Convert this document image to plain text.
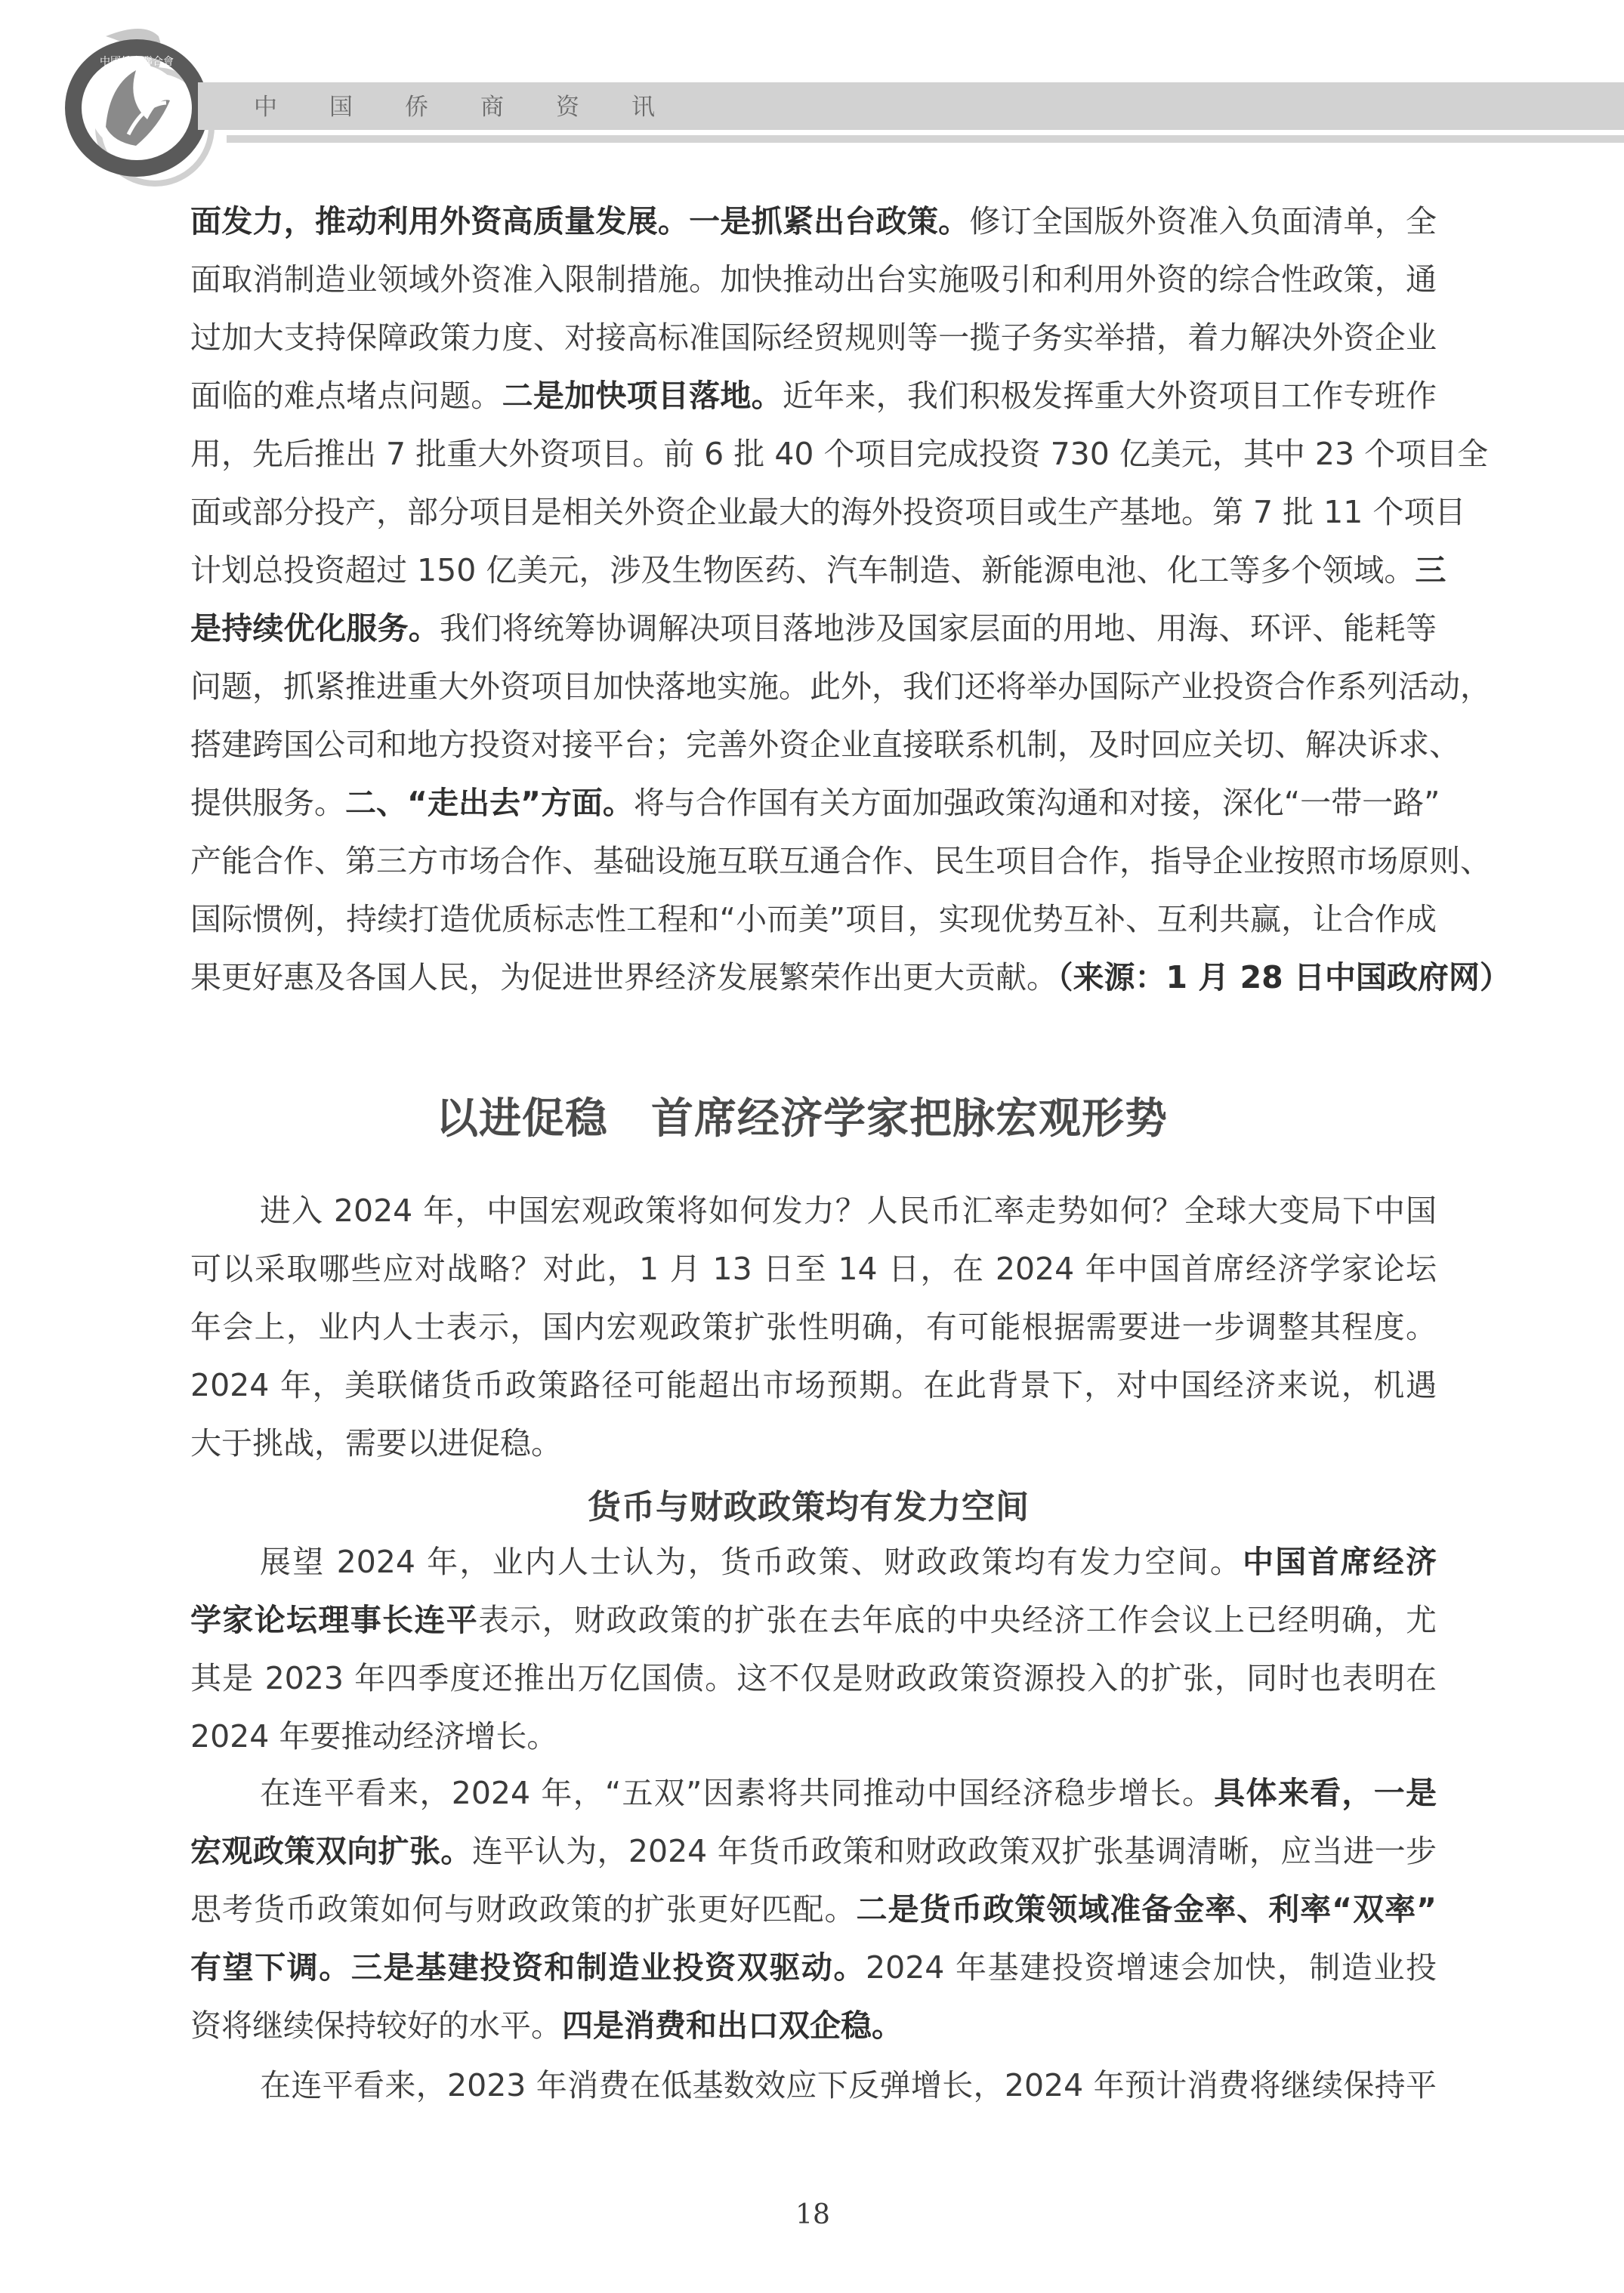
中國僑商聯合會
中	国	侨	商	资	讯
面发力，推动利用外资高质量发展。一是抓紧出台政策。修订全国版外资准入负面清单，全
面取消制造业领域外资准入限制措施。加快推动出台实施吸引和利用外资的综合性政策，通
过加大支持保障政策力度、对接高标准国际经贸规则等一揽子务实举措，着力解决外资企业
面临的难点堵点问题。二是加快项目落地。近年来，我们积极发挥重大外资项目工作专班作
用，先后推出 7 批重大外资项目。前 6 批 40 个项目完成投资 730 亿美元，其中 23 个项目全
面或部分投产，部分项目是相关外资企业最大的海外投资项目或生产基地。第 7 批 11 个项目
计划总投资超过 150 亿美元，涉及生物医药、汽车制造、新能源电池、化工等多个领域。三
是持续优化服务。我们将统筹协调解决项目落地涉及国家层面的用地、用海、环评、能耗等
问题，抓紧推进重大外资项目加快落地实施。此外，我们还将举办国际产业投资合作系列活动，
搭建跨国公司和地方投资对接平台；完善外资企业直接联系机制，及时回应关切、解决诉求、
提供服务。二、“走出去”方面。将与合作国有关方面加强政策沟通和对接，深化“一带一路”
产能合作、第三方市场合作、基础设施互联互通合作、民生项目合作，指导企业按照市场原则、
国际惯例，持续打造优质标志性工程和“小而美”项目，实现优势互补、互利共赢，让合作成
果更好惠及各国人民，为促进世界经济发展繁荣作出更大贡献。（来源：1 月 28 日中国政府网）
以进促稳　首席经济学家把脉宏观形势
进入 2024 年，中国宏观政策将如何发力？人民币汇率走势如何？全球大变局下中国
可以采取哪些应对战略？对此，1 月 13 日至 14 日，在 2024 年中国首席经济学家论坛
年会上，业内人士表示，国内宏观政策扩张性明确，有可能根据需要进一步调整其程度。
2024 年，美联储货币政策路径可能超出市场预期。在此背景下，对中国经济来说，机遇
大于挑战，需要以进促稳。
货币与财政政策均有发力空间
展望 2024 年，业内人士认为，货币政策、财政政策均有发力空间。中国首席经济
学家论坛理事长连平表示，财政政策的扩张在去年底的中央经济工作会议上已经明确，尤
其是 2023 年四季度还推出万亿国债。这不仅是财政政策资源投入的扩张，同时也表明在
2024 年要推动经济增长。
在连平看来，2024 年，“五双”因素将共同推动中国经济稳步增长。具体来看，一是
宏观政策双向扩张。连平认为，2024 年货币政策和财政政策双扩张基调清晰，应当进一步
思考货币政策如何与财政政策的扩张更好匹配。二是货币政策领域准备金率、利率“双率”
有望下调。三是基建投资和制造业投资双驱动。2024 年基建投资增速会加快，制造业投
资将继续保持较好的水平。四是消费和出口双企稳。
在连平看来，2023 年消费在低基数效应下反弹增长，2024 年预计消费将继续保持平
18
